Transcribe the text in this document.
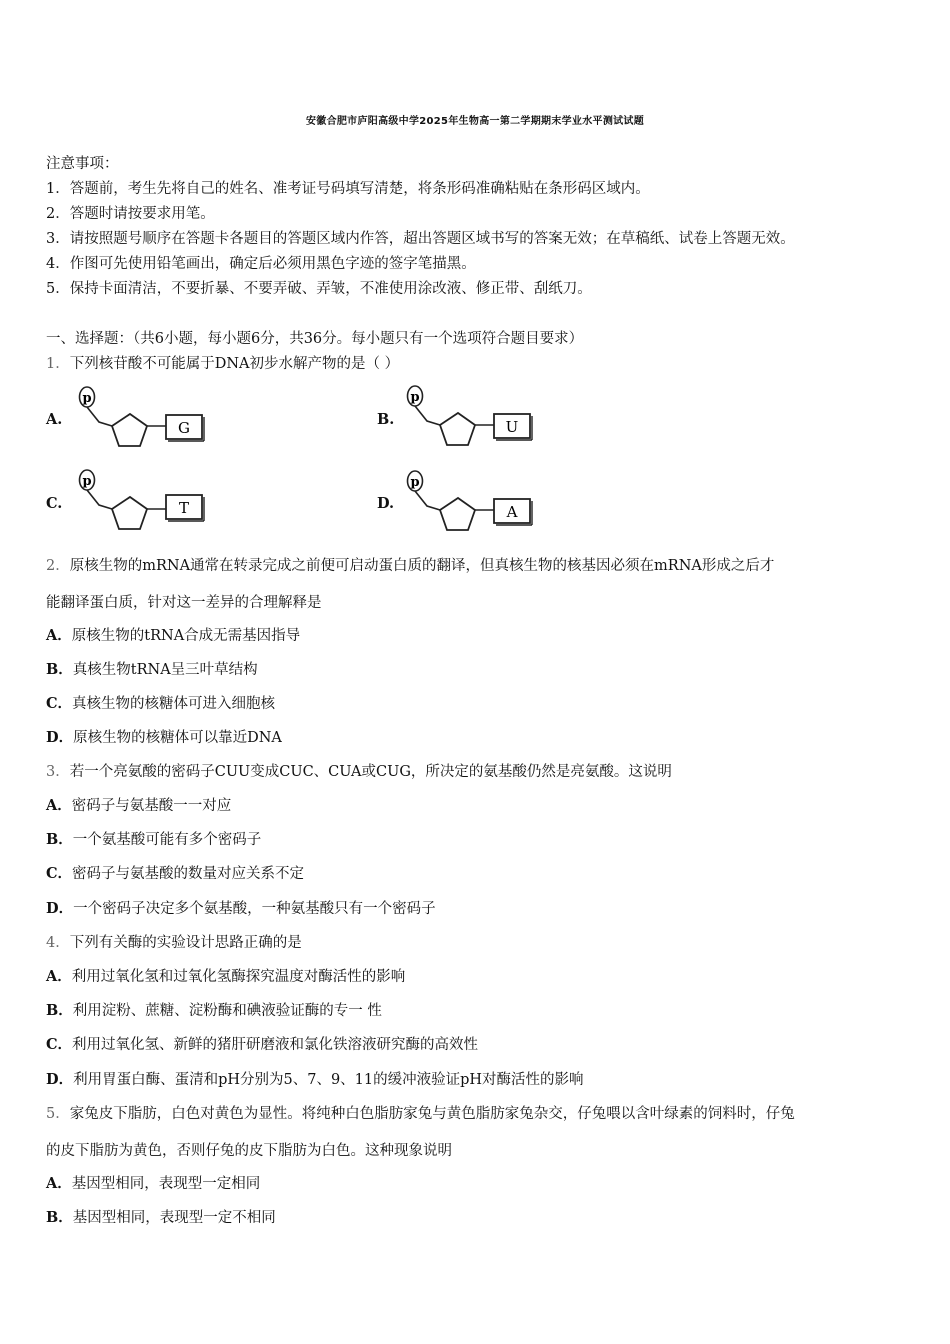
安徽合肥市庐阳高级中学2025年生物高一第二学期期末学业水平测试试题
注意事项：
1．答题前，考生先将自己的姓名、准考证号码填写清楚，将条形码准确粘贴在条形码区域内。
2．答题时请按要求用笔。
3．请按照题号顺序在答题卡各题目的答题区域内作答，超出答题区域书写的答案无效；在草稿纸、试卷上答题无效。
4．作图可先使用铅笔画出，确定后必须用黑色字迹的签字笔描黑。
5．保持卡面清洁，不要折暴、不要弄破、弄皱，不准使用涂改液、修正带、刮纸刀。
一、选择题：（共6小题，每小题6分，共36分。每小题只有一个选项符合题目要求）
1．下列核苷酸不可能属于DNA初步水解产物的是（ ）
A.
p
G	B.
p
U
C.
p
T	D.
p
A
2．原核生物的mRNA通常在转录完成之前便可启动蛋白质的翻译，但真核生物的核基因必须在mRNA形成之后才
能翻译蛋白质，针对这一差异的合理解释是
A．原核生物的tRNA合成无需基因指导
B．真核生物tRNA呈三叶草结构
C．真核生物的核糖体可进入细胞核
D．原核生物的核糖体可以靠近DNA
3．若一个亮氨酸的密码子CUU变成CUC、CUA或CUG，所决定的氨基酸仍然是亮氨酸。这说明
A．密码子与氨基酸一一对应
B．一个氨基酸可能有多个密码子
C．密码子与氨基酸的数量对应关系不定
D．一个密码子决定多个氨基酸，一种氨基酸只有一个密码子
4．下列有关酶的实验设计思路正确的是
A．利用过氧化氢和过氧化氢酶探究温度对酶活性的影响
B．利用淀粉、蔗糖、淀粉酶和碘液验证酶的专一 性
C．利用过氧化氢、新鲜的猪肝研磨液和氯化铁溶液研究酶的高效性
D．利用胃蛋白酶、蛋清和pH分别为5、7、9、11的缓冲液验证pH对酶活性的影响
5．家兔皮下脂肪，白色对黄色为显性。将纯种白色脂肪家兔与黄色脂肪家兔杂交，仔兔喂以含叶绿素的饲料时，仔兔
的皮下脂肪为黄色，否则仔兔的皮下脂肪为白色。这种现象说明
A．基因型相同，表现型一定相同
B．基因型相同，表现型一定不相同
